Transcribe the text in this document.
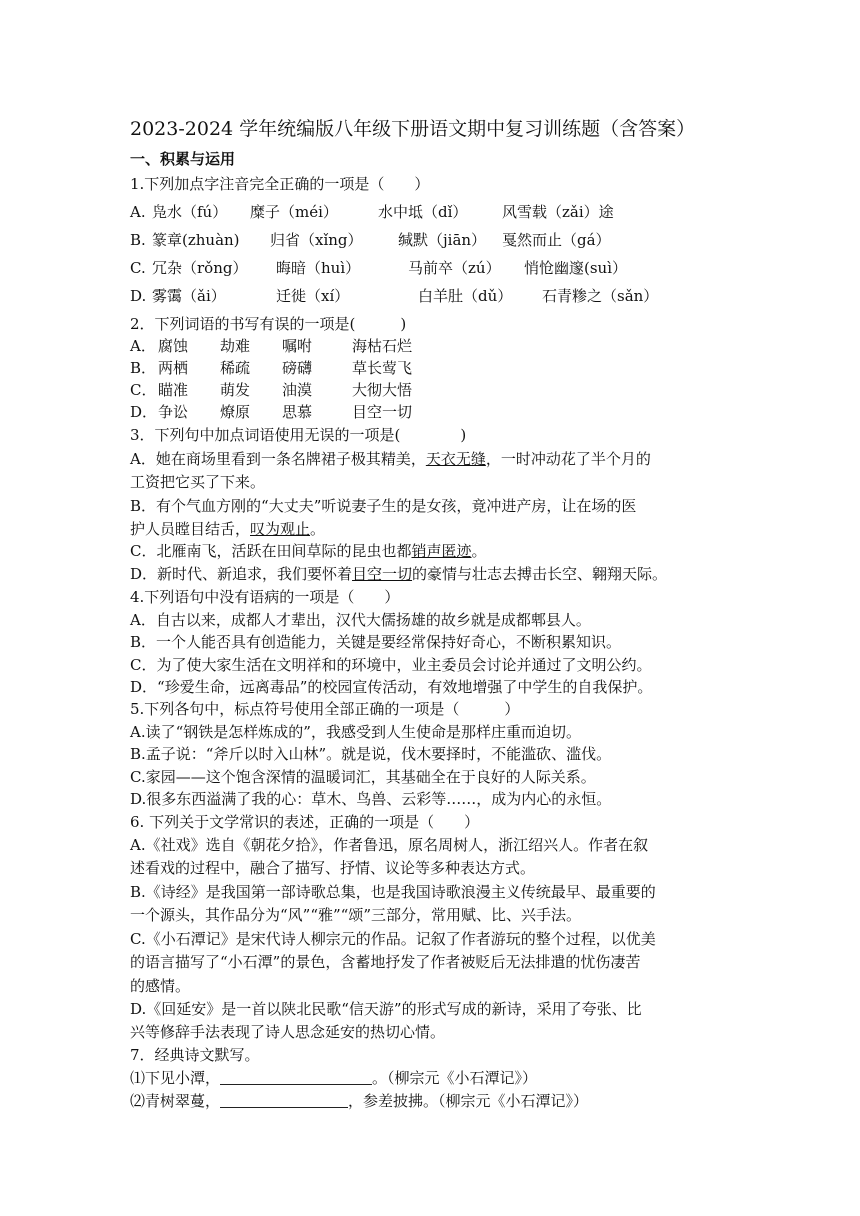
2023-2024 学年统编版八年级下册语文期中复习训练题（含答案）
一、积累与运用
1.下列加点字注音完全正确的一项是（　　）
A. 凫水（fú）	糜子（méi）	水中坻（dǐ）	风雪载（zǎi）途
B. 篆章(zhuàn)	归省（xǐng）	缄默（jiān）	戛然而止（gá）
C. 冗杂（rǒng）	晦暗（huì）	马前卒（zú）	悄怆幽邃(suì）
D. 雾霭（ǎi）	迁徙（xí）	白羊肚（dǔ）	石青糁之（sǎn）
2．下列词语的书写有误的一项是(　　　)
A． 腐蚀	劫难	嘱咐	海枯石烂
B． 两栖	稀疏	磅礴	草长莺飞
C． 瞄准	萌发	油漠	大彻大悟
D． 争讼	燎原	思慕	目空一切
3．下列句中加点词语使用无误的一项是(　　　　)
A．她在商场里看到一条名牌裙子极其精美，天衣无缝，一时冲动花了半个月的
工资把它买了下来。
B．有个气血方刚的“大丈夫”听说妻子生的是女孩，竟冲进产房，让在场的医
护人员瞠目结舌，叹为观止。
C．北雁南飞，活跃在田间草际的昆虫也都销声匿迹。
D．新时代、新追求，我们要怀着目空一切的豪情与壮志去搏击长空、翱翔天际。
4.下列语句中没有语病的一项是（　　）
A．自古以来，成都人才辈出，汉代大儒扬雄的故乡就是成都郫县人。
B．一个人能否具有创造能力，关键是要经常保持好奇心，不断积累知识。
C．为了使大家生活在文明祥和的环境中，业主委员会讨论并通过了文明公约。
D．“珍爱生命，远离毒品”的校园宣传活动，有效地增强了中学生的自我保护。
5.下列各句中，标点符号使用全部正确的一项是（　　　）
A.读了“钢铁是怎样炼成的”，我感受到人生使命是那样庄重而迫切。
B.孟子说：“斧斤以时入山林”。就是说，伐木要择时，不能滥砍、滥伐。
C.家园——这个饱含深情的温暖词汇，其基础全在于良好的人际关系。
D.很多东西溢满了我的心：草木、鸟兽、云彩等……，成为内心的永恒。
6. 下列关于文学常识的表述，正确的一项是（　　）
A.《社戏》选自《朝花夕拾》，作者鲁迅，原名周树人，浙江绍兴人。作者在叙
述看戏的过程中，融合了描写、抒情、议论等多种表达方式。
B.《诗经》是我国第一部诗歌总集，也是我国诗歌浪漫主义传统最早、最重要的
一个源头，其作品分为“风”“雅”“颂”三部分，常用赋、比、兴手法。
C.《小石潭记》是宋代诗人柳宗元的作品。记叙了作者游玩的整个过程，以优美
的语言描写了“小石潭”的景色，含蓄地抒发了作者被贬后无法排遣的忧伤凄苦
的感情。
D.《回延安》是一首以陕北民歌“信天游”的形式写成的新诗，采用了夸张、比
兴等修辞手法表现了诗人思念延安的热切心情。
7．经典诗文默写。
⑴下见小潭，	。（柳宗元《小石潭记》）
⑵青树翠蔓，	，参差披拂。（柳宗元《小石潭记》）
